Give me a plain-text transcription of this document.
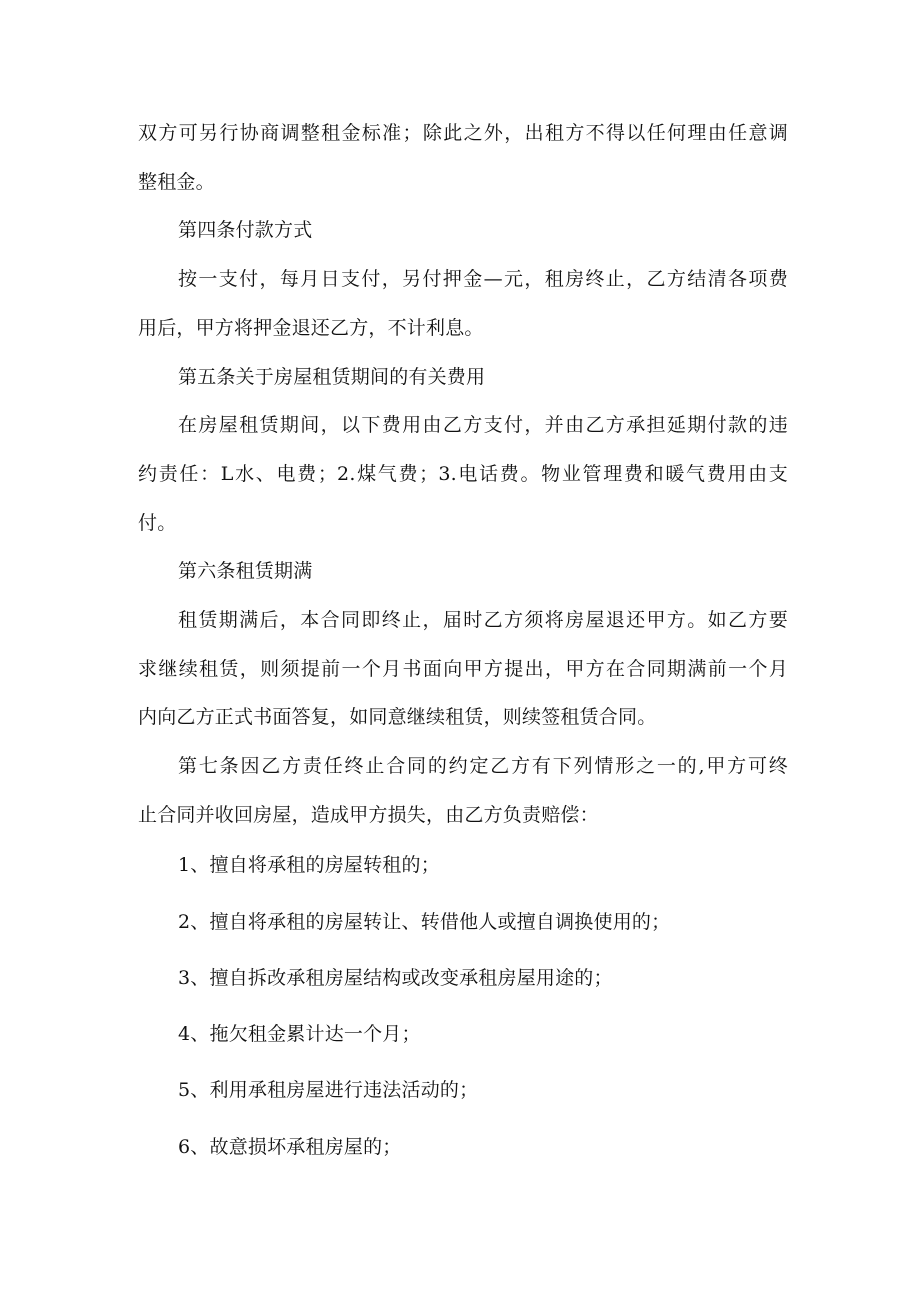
双方可另行协商调整租金标准；除此之外，出租方不得以任何理由任意调
整租金。
第四条付款方式
按一支付，每月日支付，另付押金—元，租房终止，乙方结清各项费
用后，甲方将押金退还乙方，不计利息。
第五条关于房屋租赁期间的有关费用
在房屋租赁期间，以下费用由乙方支付，并由乙方承担延期付款的违
约责任：L水、电费；2.煤气费；3.电话费。物业管理费和暖气费用由支
付。
第六条租赁期满
租赁期满后，本合同即终止，届时乙方须将房屋退还甲方。如乙方要
求继续租赁，则须提前一个月书面向甲方提出，甲方在合同期满前一个月
内向乙方正式书面答复，如同意继续租赁，则续签租赁合同。
第七条因乙方责任终止合同的约定乙方有下列情形之一的,甲方可终
止合同并收回房屋，造成甲方损失，由乙方负责赔偿：
1、擅自将承租的房屋转租的；
2、擅自将承租的房屋转让、转借他人或擅自调换使用的；
3、擅自拆改承租房屋结构或改变承租房屋用途的；
4、拖欠租金累计达一个月；
5、利用承租房屋进行违法活动的；
6、故意损坏承租房屋的；
